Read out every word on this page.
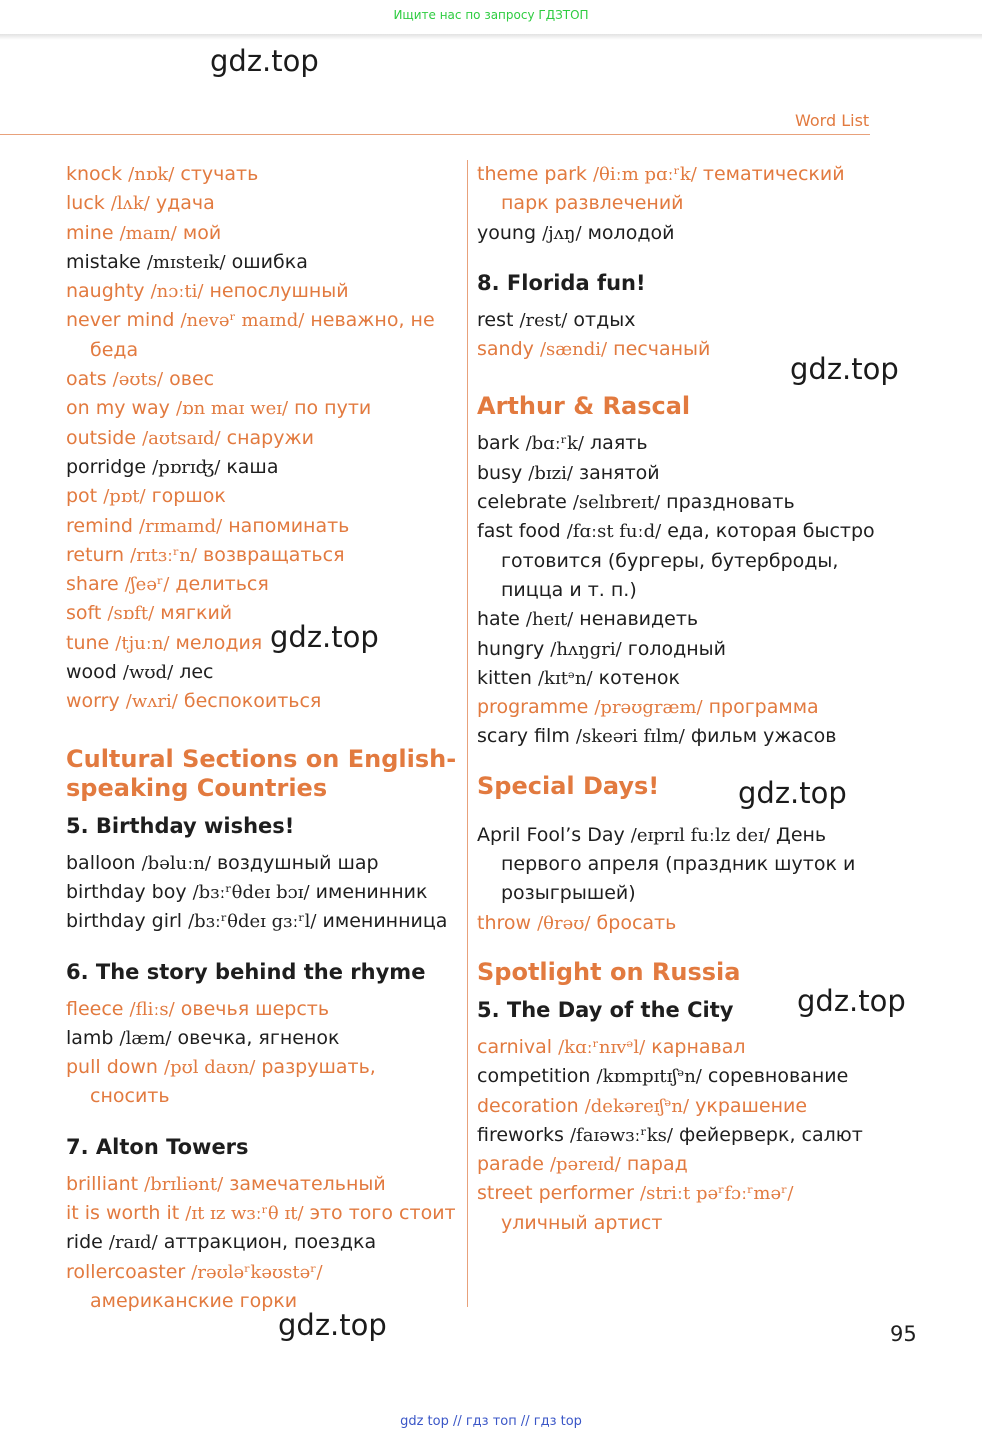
Ищите нас по запросу ГДЗТОП
gdz.top
Word List
knock /nɒk/ стучать
luck /lʌk/ удача
mine /maɪn/ мой
mistake /mɪsteɪk/ ошибка
naughty /nɔːti/ непослушный
never mind /nevəʳ maɪnd/ неважно, не беда
oats /əʊts/ овес
on my way /ɒn maɪ weɪ/ по пути
outside /aʊtsaɪd/ снаружи
porridge /pɒrɪʤ/ каша
pot /pɒt/ горшок
remind /rɪmaɪnd/ напоминать
return /rɪtɜːʳn/ возвращаться
share /ʃeəʳ/ делиться
soft /sɒft/ мягкий
tune /tjuːn/ мелодия
wood /wʊd/ лес
worry /wʌri/ беспокоиться
Cultural Sections on English-speaking Countries
5. Birthday wishes!
balloon /bəluːn/ воздушный шар
birthday boy /bɜːʳθdeɪ bɔɪ/ именинник
birthday girl /bɜːʳθdeɪ gɜːʳl/ именинница
6. The story behind the rhyme
fleece /fliːs/ овечья шерсть
lamb /læm/ овечка, ягненок
pull down /pʊl daʊn/ разрушать, сносить
7. Alton Towers
brilliant /brɪliənt/ замечательный
it is worth it /ɪt ɪz wɜːʳθ ɪt/ это того стоит
ride /raɪd/ аттракцион, поездка
rollercoaster /rəʊləʳkəʊstəʳ/ американские горки
theme park /θiːm pɑːʳk/ тематический парк развлечений
young /jʌŋ/ молодой
8. Florida fun!
rest /rest/ отдых
sandy /sændi/ песчаный
Arthur & Rascal
bark /bɑːʳk/ лаять
busy /bɪzi/ занятой
celebrate /selɪbreɪt/ праздновать
fast food /fɑːst fuːd/ еда, которая быстро готовится (бургеры, бутерброды, пицца и т. п.)
hate /heɪt/ ненавидеть
hungry /hʌŋgri/ голодный
kitten /kɪtᵊn/ котенок
programme /prəʊgræm/ программа
scary film /skeəri fɪlm/ фильм ужасов
Special Days!
April Fool’s Day /eɪprɪl fuːlz deɪ/ День первого апреля (праздник шуток и розыгрышей)
throw /θrəʊ/ бросать
Spotlight on Russia
5. The Day of the City
carnival /kɑːʳnɪvᵊl/ карнавал
competition /kɒmpɪtɪʃᵊn/ соревнование
decoration /dekəreɪʃᵊn/ украшение
fireworks /faɪəwɜːʳks/ фейерверк, салют
parade /pəreɪd/ парад
street performer /striːt pəʳfɔːʳməʳ/ уличный артист
gdz.top
gdz.top
gdz.top
gdz.top
gdz.top	95
gdz top // гдз топ // гдз top
